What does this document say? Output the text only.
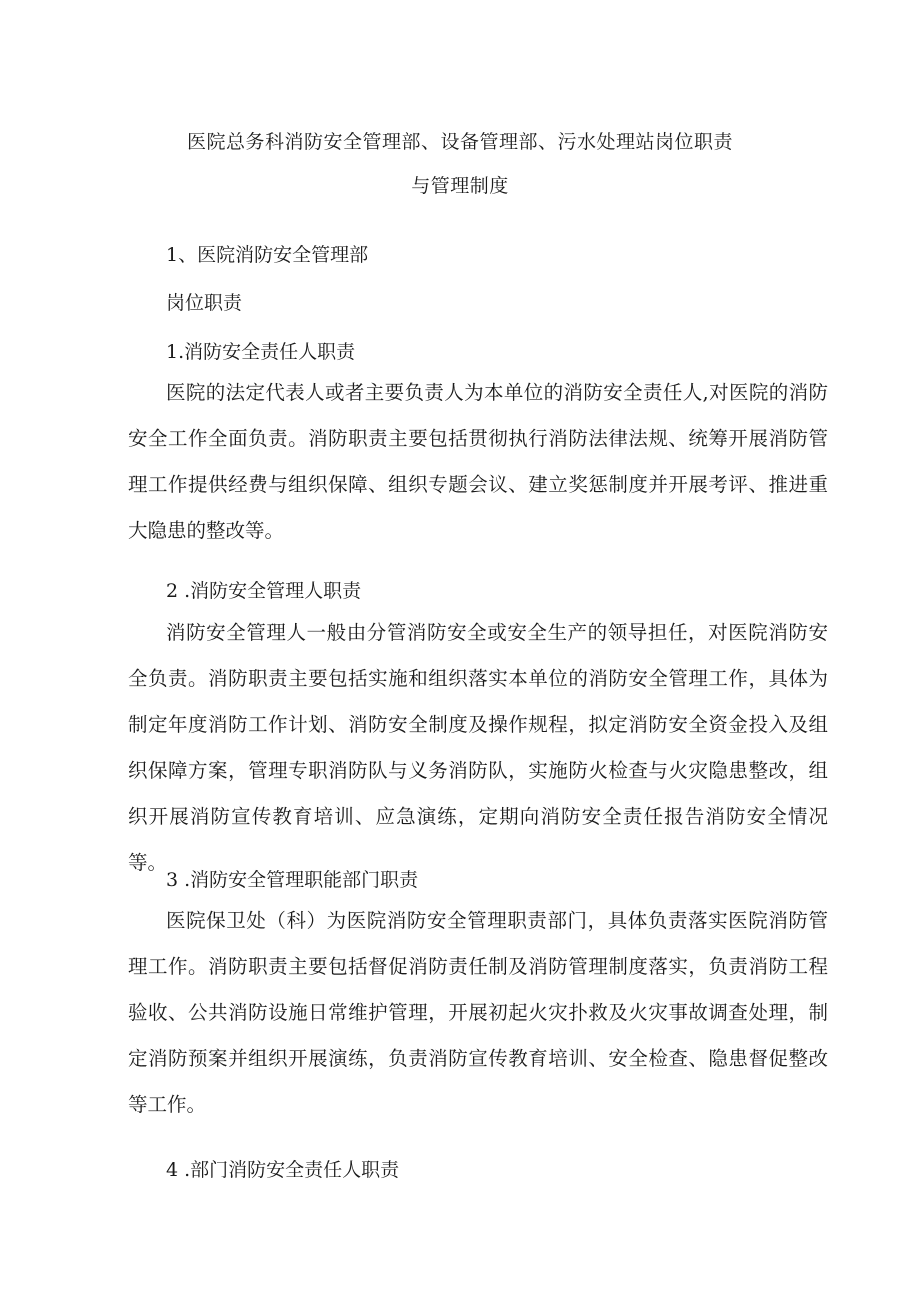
医院总务科消防安全管理部、设备管理部、污水处理站岗位职责
与管理制度
1、医院消防安全管理部
岗位职责
1.消防安全责任人职责
医院的法定代表人或者主要负责人为本单位的消防安全责任人,对医院的消防安全工作全面负责。消防职责主要包括贯彻执行消防法律法规、统筹开展消防管理工作提供经费与组织保障、组织专题会议、建立奖惩制度并开展考评、推进重大隐患的整改等。
2 .消防安全管理人职责
消防安全管理人一般由分管消防安全或安全生产的领导担任，对医院消防安全负责。消防职责主要包括实施和组织落实本单位的消防安全管理工作，具体为制定年度消防工作计划、消防安全制度及操作规程，拟定消防安全资金投入及组织保障方案，管理专职消防队与义务消防队，实施防火检查与火灾隐患整改，组织开展消防宣传教育培训、应急演练，定期向消防安全责任报告消防安全情况等。
3 .消防安全管理职能部门职责
医院保卫处（科）为医院消防安全管理职责部门，具体负责落实医院消防管理工作。消防职责主要包括督促消防责任制及消防管理制度落实，负责消防工程验收、公共消防设施日常维护管理，开展初起火灾扑救及火灾事故调查处理，制定消防预案并组织开展演练，负责消防宣传教育培训、安全检查、隐患督促整改等工作。
4 .部门消防安全责任人职责
